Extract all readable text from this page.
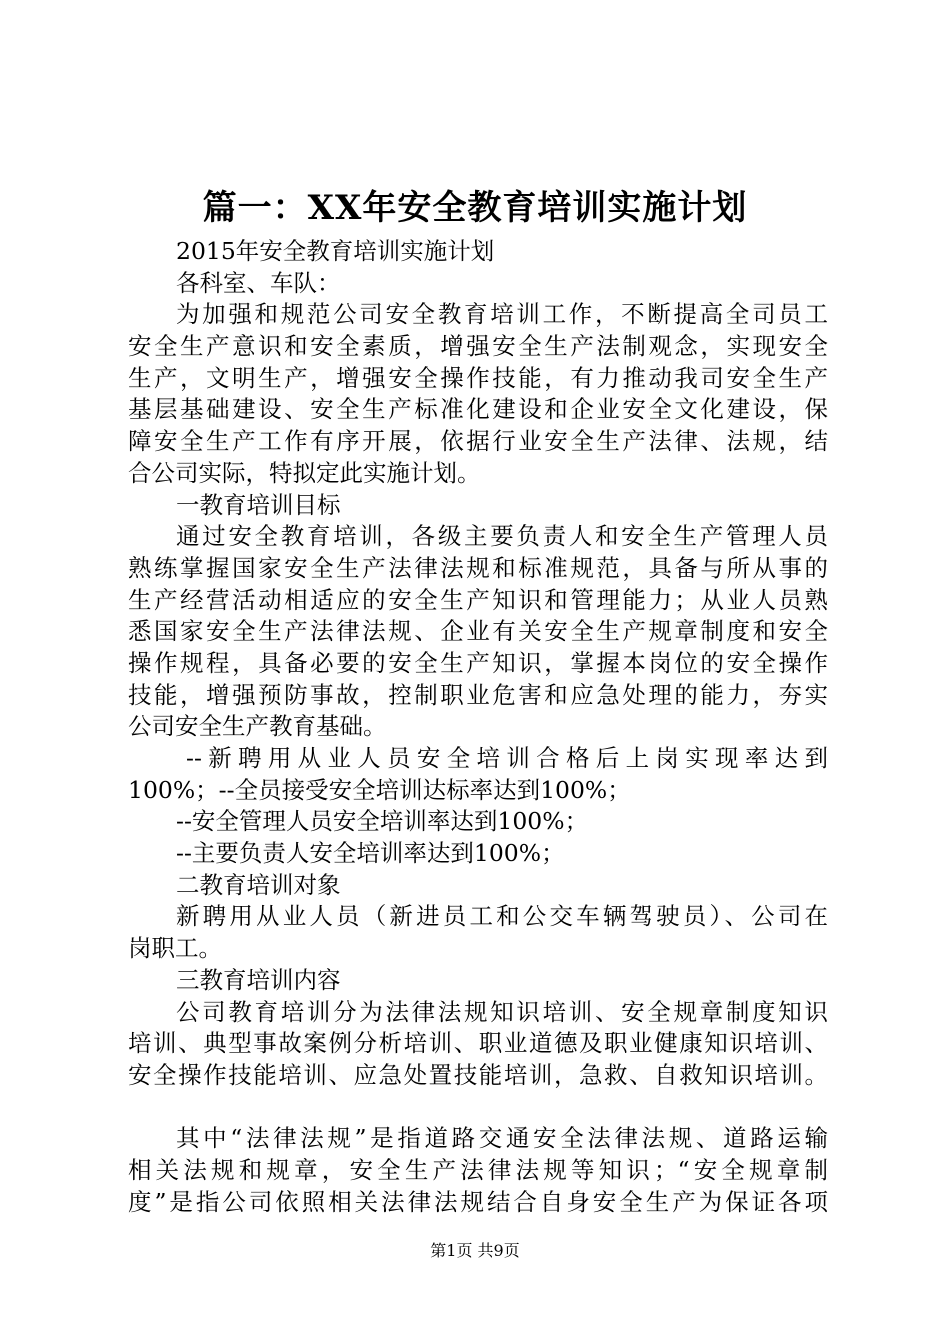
篇一：XX年安全教育培训实施计划
2015年安全教育培训实施计划
各科室、车队：
为加强和规范公司安全教育培训工作，不断提高全司员工
安全生产意识和安全素质，增强安全生产法制观念，实现安全
生产，文明生产，增强安全操作技能，有力推动我司安全生产
基层基础建设、安全生产标准化建设和企业安全文化建设，保
障安全生产工作有序开展，依据行业安全生产法律、法规，结
合公司实际，特拟定此实施计划。
一教育培训目标
通过安全教育培训，各级主要负责人和安全生产管理人员
熟练掌握国家安全生产法律法规和标准规范，具备与所从事的
生产经营活动相适应的安全生产知识和管理能力；从业人员熟
悉国家安全生产法律法规、企业有关安全生产规章制度和安全
操作规程，具备必要的安全生产知识，掌握本岗位的安全操作
技能，增强预防事故，控制职业危害和应急处理的能力，夯实
公司安全生产教育基础。
--新聘用从业人员安全培训合格后上岗实现率达到
100%；--全员接受安全培训达标率达到100%；
--安全管理人员安全培训率达到100%；
--主要负责人安全培训率达到100%；
二教育培训对象
新聘用从业人员（新进员工和公交车辆驾驶员）、公司在
岗职工。
三教育培训内容
公司教育培训分为法律法规知识培训、安全规章制度知识
培训、典型事故案例分析培训、职业道德及职业健康知识培训、
安全操作技能培训、应急处置技能培训，急救、自救知识培训。
其中“法律法规”是指道路交通安全法律法规、道路运输
相关法规和规章，安全生产法律法规等知识；“安全规章制
度”是指公司依照相关法律法规结合自身安全生产为保证各项
第1页 共9页
